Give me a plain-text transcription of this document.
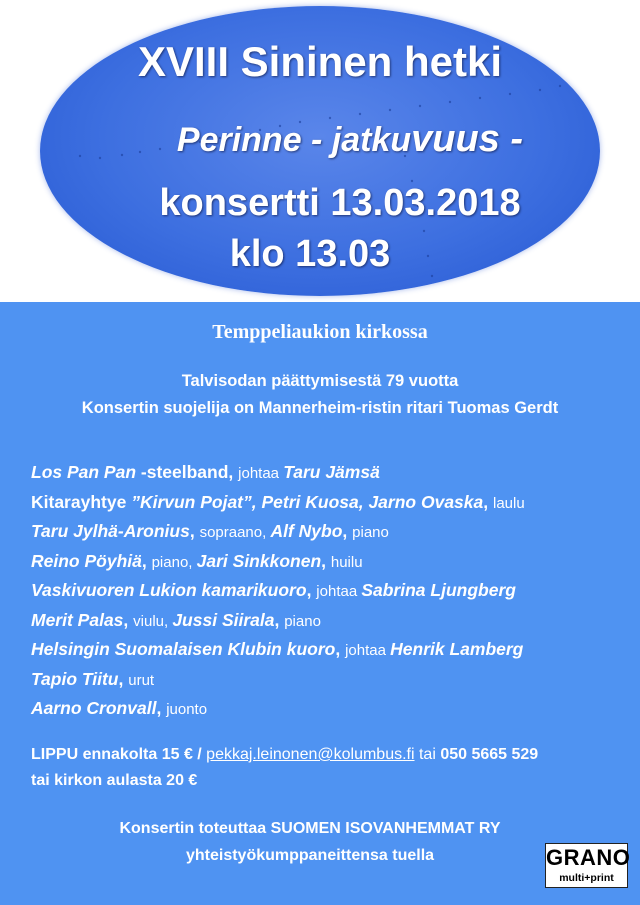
XVIII Sininen hetki
Perinne - jatkuvuus -
konsertti 13.03.2018
klo 13.03
Temppeliaukion kirkossa
Talvisodan päättymisestä 79 vuotta
Konsertin suojelija on Mannerheim-ristin ritari Tuomas Gerdt
Los Pan Pan -steelband, johtaa Taru Jämsä
Kitarayhtye ”Kirvun Pojat”, Petri Kuosa, Jarno Ovaska, laulu
Taru Jylhä-Aronius, sopraano, Alf Nybo, piano
Reino Pöyhiä, piano, Jari Sinkkonen, huilu
Vaskivuoren Lukion kamarikuoro, johtaa Sabrina Ljungberg
Merit Palas, viulu, Jussi Siirala, piano
Helsingin Suomalaisen Klubin kuoro, johtaa Henrik Lamberg
Tapio Tiitu, urut
Aarno Cronvall, juonto
LIPPU ennakolta 15 € / pekkaj.leinonen@kolumbus.fi tai 050 5665 529
tai kirkon aulasta 20 €
Konsertin toteuttaa SUOMEN ISOVANHEMMAT RY
yhteistyökumppaneittensa tuella	GRANO
multi+print
